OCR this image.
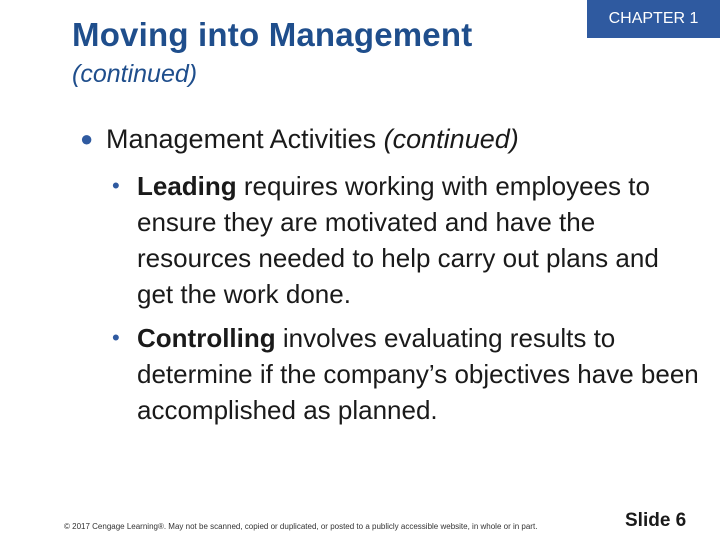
CHAPTER 1
Moving into Management
(continued)
● Management Activities (continued)
• Leading requires working with employees to ensure they are motivated and have the resources needed to help carry out plans and get the work done.
• Controlling involves evaluating results to determine if the company’s objectives have been accomplished as planned.
© 2017 Cengage Learning®. May not be scanned, copied or duplicated, or posted to a publicly accessible website, in whole or in part.	Slide 6
